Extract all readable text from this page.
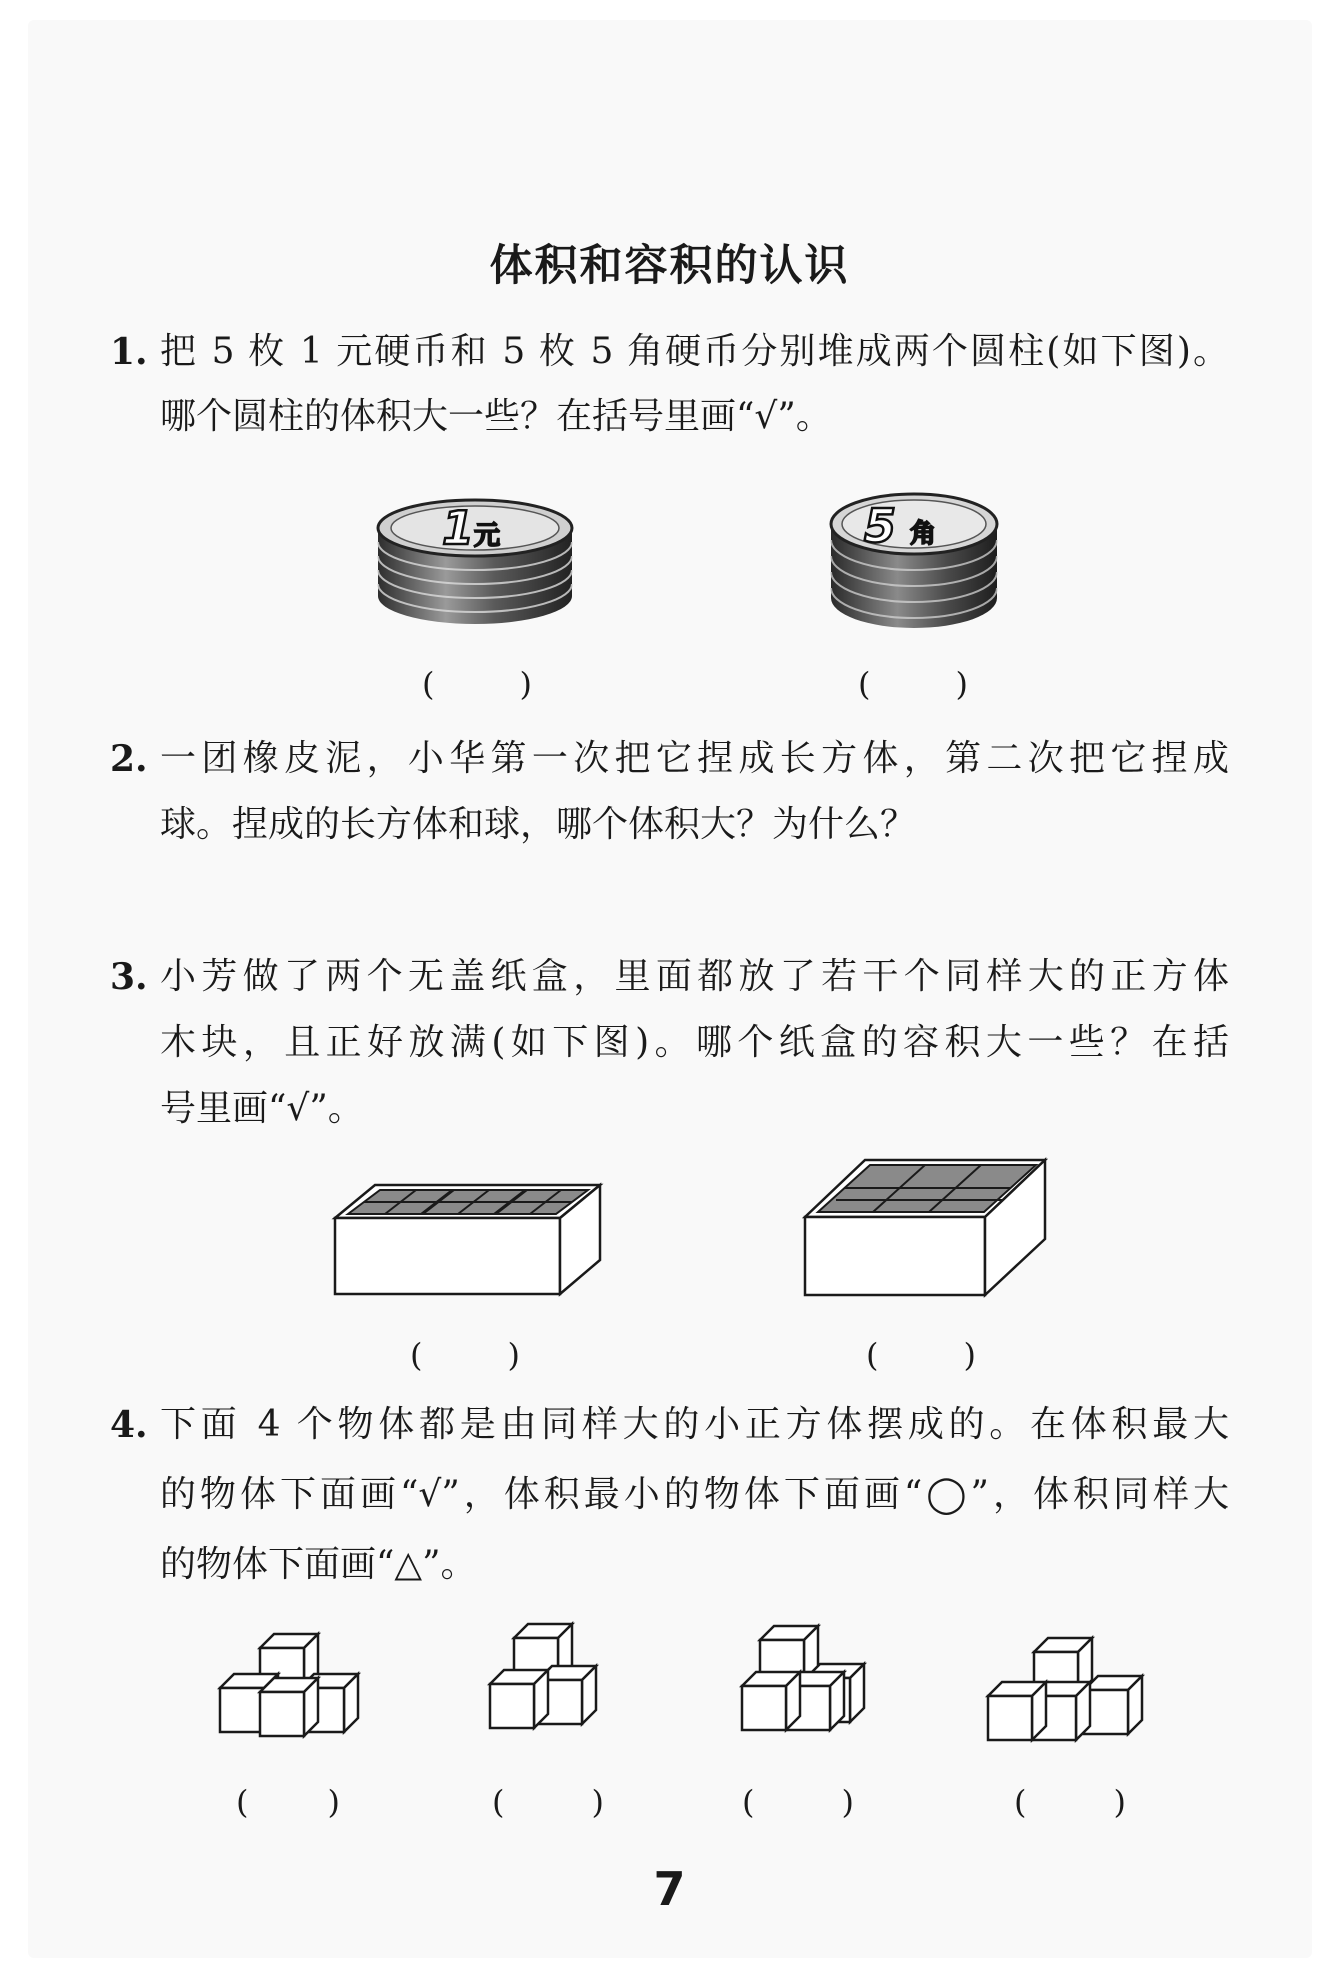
体积和容积的认识
1. 把 5 枚 1 元硬币和 5 枚 5 角硬币分别堆成两个圆柱(如下图)。
哪个圆柱的体积大一些？在括号里画“√”。
1 元	5 角
(	)	(	)
2. 一团橡皮泥，小华第一次把它捏成长方体，第二次把它捏成
球。捏成的长方体和球，哪个体积大？为什么？
3. 小芳做了两个无盖纸盒，里面都放了若干个同样大的正方体
木块，且正好放满(如下图)。哪个纸盒的容积大一些？在括
号里画“√”。
(	)	(	)
4. 下面 4 个物体都是由同样大的小正方体摆成的。在体积最大
的物体下面画“√”，体积最小的物体下面画“◯”，体积同样大
的物体下面画“△”。
( )	(	)	(	)	(	)
7
